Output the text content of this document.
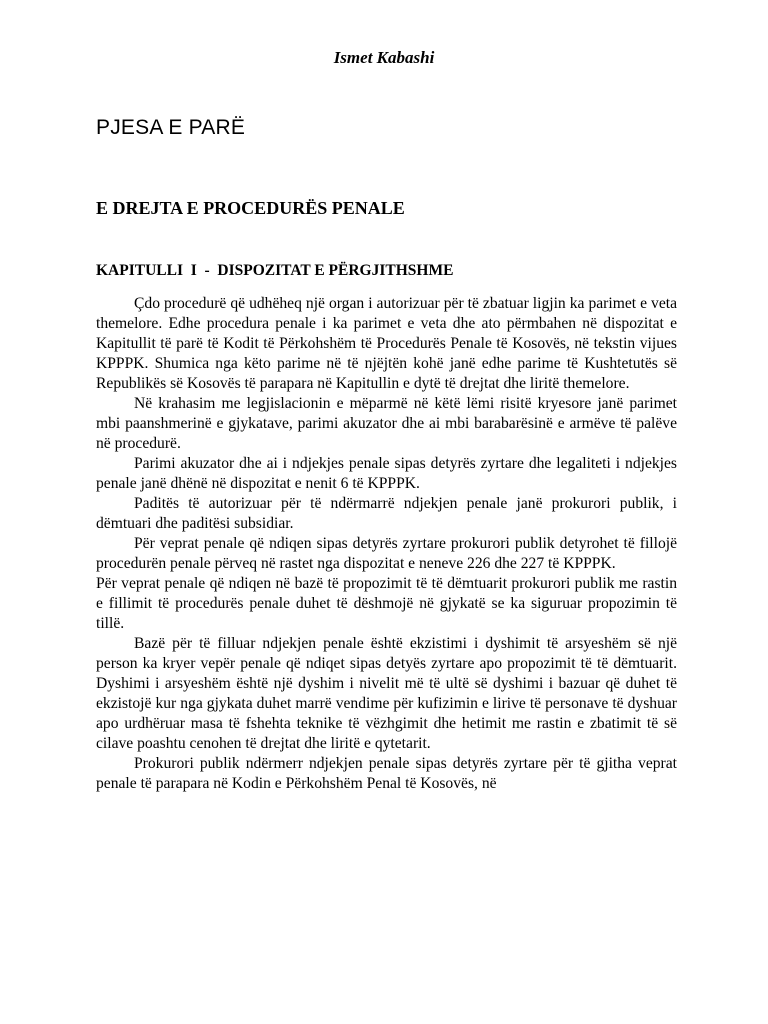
Ismet Kabashi
PJESA E PARË
E DREJTA E PROCEDURËS PENALE
KAPITULLI  I  -  DISPOZITAT E PËRGJITHSHME

Çdo procedurë që udhëheq një organ i autorizuar për të zbatuar ligjin ka parimet e veta themelore. Edhe procedura penale i ka parimet e veta dhe ato përmbahen në dispozitat e Kapitullit të parë të Kodit të Përkohshëm të Procedurës Penale të Kosovës, në tekstin vijues KPPPK. Shumica nga këto parime në të njëjtën kohë janë edhe parime të Kushtetutës së Republikës së Kosovës të parapara në Kapitullin e dytë të drejtat dhe liritë themelore.

Në krahasim me legjislacionin e mëparmë në këtë lëmi risitë kryesore janë parimet mbi paanshmerinë e gjykatave, parimi akuzator dhe ai mbi barabarësinë e armëve të palëve në procedurë.

Parimi akuzator dhe ai i ndjekjes penale sipas detyrës zyrtare dhe legaliteti i ndjekjes penale janë dhënë në dispozitat e nenit 6 të KPPPK.

Paditës të autorizuar për të ndërmarrë ndjekjen penale janë prokurori publik, i dëmtuari dhe paditësi subsidiar.

Për veprat penale që ndiqen sipas detyrës zyrtare prokurori publik detyrohet të fillojë procedurën penale përveq në rastet nga dispozitat e neneve 226 dhe 227 të KPPPK.

Për veprat penale që ndiqen në bazë të propozimit të të dëmtuarit prokurori publik me rastin e fillimit të procedurës penale duhet të dëshmojë në gjykatë se ka siguruar propozimin të tillë.

Bazë për të filluar ndjekjen penale është ekzistimi i dyshimit të arsyeshëm së një person ka kryer vepër penale që ndiqet sipas detyës zyrtare apo propozimit të të dëmtuarit. Dyshimi i arsyeshëm është një dyshim i nivelit më të ultë së dyshimi i bazuar që duhet të ekzistojë kur nga gjykata duhet marrë vendime për kufizimin e lirive të personave të dyshuar apo urdhëruar masa të fshehta teknike të vëzhgimit dhe hetimit me rastin e zbatimit të së cilave poashtu cenohen të drejtat dhe liritë e qytetarit.

Prokurori publik ndërmerr ndjekjen penale sipas detyrës zyrtare për të gjitha veprat penale të parapara në Kodin e Përkohshëm Penal të Kosovës, në
